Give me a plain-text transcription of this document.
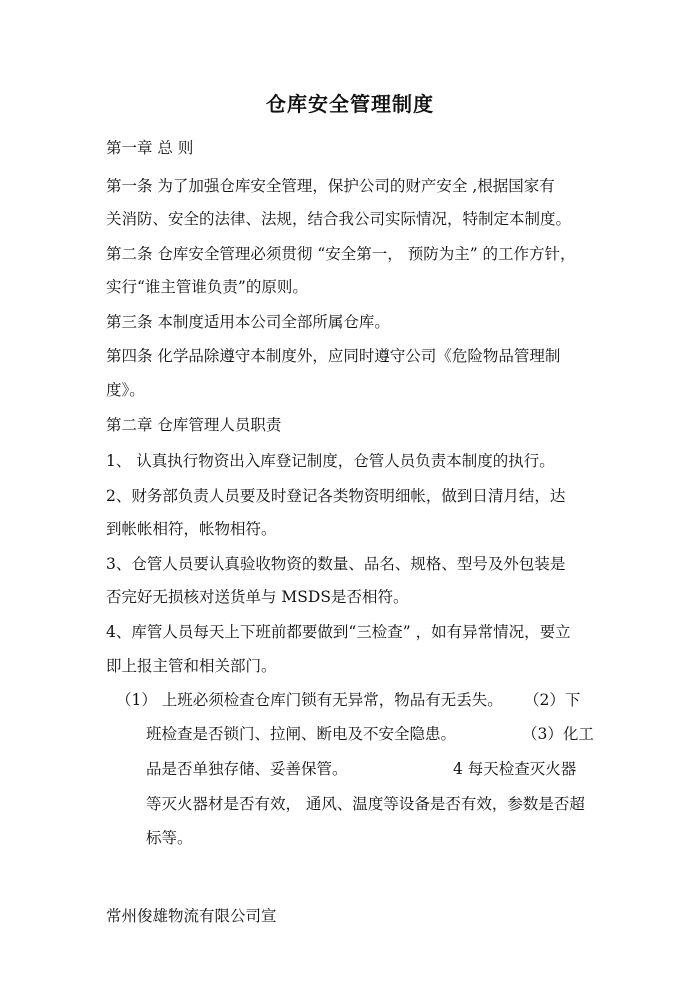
仓库安全管理制度
第一章 总 则
第一条 为了加强仓库安全管理，保护公司的财产安全 ,根据国家有
关消防、安全的法律、法规，结合我公司实际情况，特制定本制度。
第二条 仓库安全管理必须贯彻 “安全第一， 预防为主” 的工作方针，
实行“谁主管谁负责”的原则。
第三条 本制度适用本公司全部所属仓库。
第四条 化学品除遵守本制度外，应同时遵守公司《危险物品管理制
度》。
第二章 仓库管理人员职责
1、 认真执行物资出入库登记制度，仓管人员负责本制度的执行。
2、财务部负责人员要及时登记各类物资明细帐，做到日清月结，达
到帐帐相符，帐物相符。
3、仓管人员要认真验收物资的数量、品名、规格、型号及外包装是
否完好无损核对送货单与 MSDS是否相符。
4、库管人员每天上下班前都要做到“三检查” ，如有异常情况，要立
即上报主管和相关部门。
（1） 上班必须检查仓库门锁有无异常，物品有无丢失。 （2）下
班检查是否锁门、拉闸、断电及不安全隐患。	（3）化工
品是否单独存储、妥善保管。	4 每天检查灭火器
等灭火器材是否有效， 通风、温度等设备是否有效，参数是否超
标等。
常州俊雄物流有限公司宣
